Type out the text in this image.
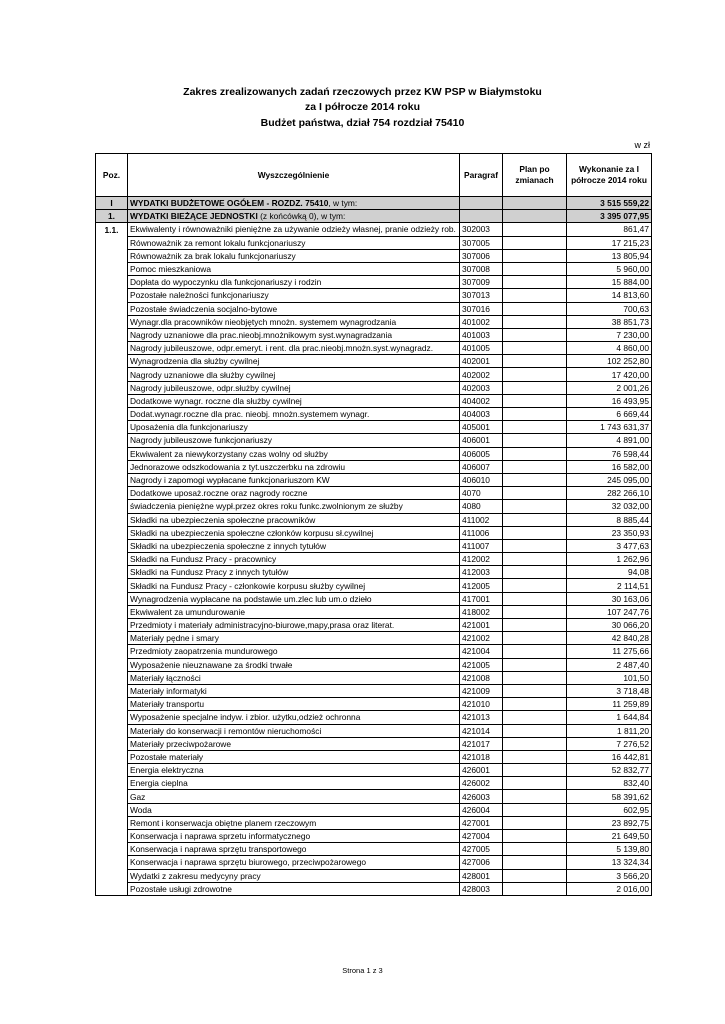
Zakres zrealizowanych zadań rzeczowych przez KW PSP w Białymstoku
za I półrocze 2014 roku
Budżet państwa, dział 754 rozdział 75410
w zł
Poz.	Wyszczególnienie	Paragraf	Plan po zmianach	Wykonanie za I półrocze 2014 roku
I	WYDATKI BUDŻETOWE OGÓŁEM - ROZDZ. 75410, w tym:			3 515 559,22
1.	WYDATKI BIEŻĄCE JEDNOSTKI (z końcówką 0), w tym:			3 395 077,95
1.1.	Ekwiwalenty i równoważniki pieniężne za używanie odzieży własnej, pranie odzieży rob.	302003		861,47
	Równoważnik za remont lokalu funkcjonariuszy	307005		17 215,23
	Równoważnik za brak lokalu funkcjonariuszy	307006		13 805,94
	Pomoc mieszkaniowa	307008		5 960,00
	Dopłata do wypoczynku dla funkcjonariuszy i rodzin	307009		15 884,00
	Pozostałe należności funkcjonariuszy	307013		14 813,60
	Pozostałe świadczenia socjalno-bytowe	307016		700,63
	Wynagr.dla pracowników nieobjętych mnożn. systemem wynagrodzania	401002		38 851,73
	Nagrody uznaniowe dla prac.nieobj.mnożnikowym syst.wynagradzania	401003		7 230,00
	Nagrody jubileuszowe, odpr.emeryt. i rent. dla prac.nieobj.mnożn.syst.wynagradz.	401005		4 860,00
	Wynagrodzenia dla służby cywilnej	402001		102 252,80
	Nagrody uznaniowe dla służby cywilnej	402002		17 420,00
	Nagrody jubileuszowe, odpr.służby cywilnej	402003		2 001,26
	Dodatkowe wynagr. roczne dla służby cywilnej	404002		16 493,95
	Dodat.wynagr.roczne dla prac. nieobj. mnożn.systemem wynagr.	404003		6 669,44
	Uposażenia dla funkcjonariuszy	405001		1 743 631,37
	Nagrody jubileuszowe funkcjonariuszy	406001		4 891,00
	Ekwiwalent za niewykorzystany czas wolny od służby	406005		76 598,44
	Jednorazowe odszkodowania z tyt.uszczerbku na zdrowiu	406007		16 582,00
	Nagrody i zapomogi wypłacane funkcjonariuszom KW	406010		245 095,00
	Dodatkowe uposaż.roczne oraz nagrody roczne	4070		282 266,10
	świadczenia pieniężne wypł.przez okres roku funkc.zwolnionym ze służby	4080		32 032,00
	Składki na ubezpieczenia społeczne pracowników	411002		8 885,44
	Składki na ubezpieczenia społeczne członków korpusu sł.cywilnej	411006		23 350,93
	Składki na ubezpieczenia społeczne z innych tytułów	411007		3 477,63
	Składki na Fundusz Pracy - pracownicy	412002		1 262,96
	Składki na Fundusz Pracy z innych tytułów	412003		94,08
	Składki na Fundusz Pracy - członkowie korpusu służby cywilnej	412005		2 114,51
	Wynagrodzenia wypłacane na podstawie um.zlec lub um.o dzieło	417001		30 163,06
	Ekwiwalent za umundurowanie	418002		107 247,76
	Przedmioty i materiały administracyjno-biurowe,mapy,prasa oraz literat.	421001		30 066,20
	Materiały pędne i smary	421002		42 840,28
	Przedmioty zaopatrzenia mundurowego	421004		11 275,66
	Wyposażenie nieuznawane za środki trwałe	421005		2 487,40
	Materiały łączności	421008		101,50
	Materiały informatyki	421009		3 718,48
	Materiały transportu	421010		11 259,89
	Wyposażenie specjalne indyw. i zbior. użytku,odzież ochronna	421013		1 644,84
	Materiały do konserwacji i remontów nieruchomości	421014		1 811,20
	Materiały przeciwpożarowe	421017		7 276,52
	Pozostałe materiały	421018		16 442,81
	Energia elektryczna	426001		52 832,77
	Energia cieplna	426002		832,40
	Gaz	426003		58 391,62
	Woda	426004		602,95
	Remont i konserwacja obiętne planem rzeczowym	427001		23 892,75
	Konserwacja i naprawa sprzetu informatycznego	427004		21 649,50
	Konserwacja i naprawa sprzętu transportowego	427005		5 139,80
	Konserwacja i naprawa sprzętu biurowego, przeciwpożarowego	427006		13 324,34
	Wydatki z zakresu medycyny pracy	428001		3 566,20
	Pozostałe usługi zdrowotne	428003		2 016,00
Strona 1 z 3
